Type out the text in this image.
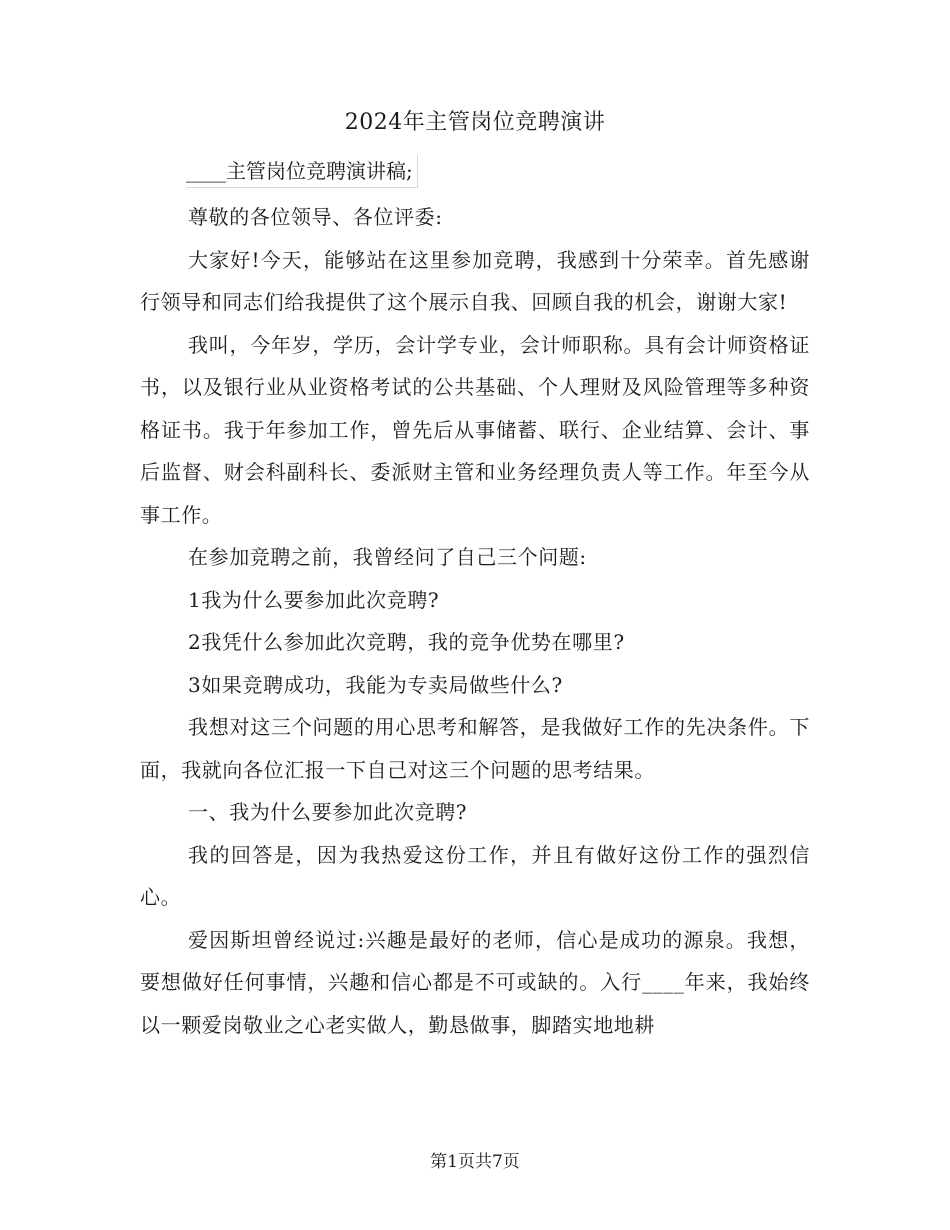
2024年主管岗位竞聘演讲
____主管岗位竞聘演讲稿;

尊敬的各位领导、各位评委:

大家好!今天，能够站在这里参加竞聘，我感到十分荣幸。首先感谢行领导和同志们给我提供了这个展示自我、回顾自我的机会，谢谢大家!

我叫，今年岁，学历，会计学专业，会计师职称。具有会计师资格证书，以及银行业从业资格考试的公共基础、个人理财及风险管理等多种资格证书。我于年参加工作，曾先后从事储蓄、联行、企业结算、会计、事后监督、财会科副科长、委派财主管和业务经理负责人等工作。年至今从事工作。

在参加竞聘之前，我曾经问了自己三个问题:

1我为什么要参加此次竞聘?

2我凭什么参加此次竞聘，我的竞争优势在哪里?

3如果竞聘成功，我能为专卖局做些什么?

我想对这三个问题的用心思考和解答，是我做好工作的先决条件。下面，我就向各位汇报一下自己对这三个问题的思考结果。

一、我为什么要参加此次竞聘?

我的回答是，因为我热爱这份工作，并且有做好这份工作的强烈信心。

爱因斯坦曾经说过:兴趣是最好的老师，信心是成功的源泉。我想，要想做好任何事情，兴趣和信心都是不可或缺的。入行____年来，我始终以一颗爱岗敬业之心老实做人，勤恳做事，脚踏实地地耕

第1页共7页
